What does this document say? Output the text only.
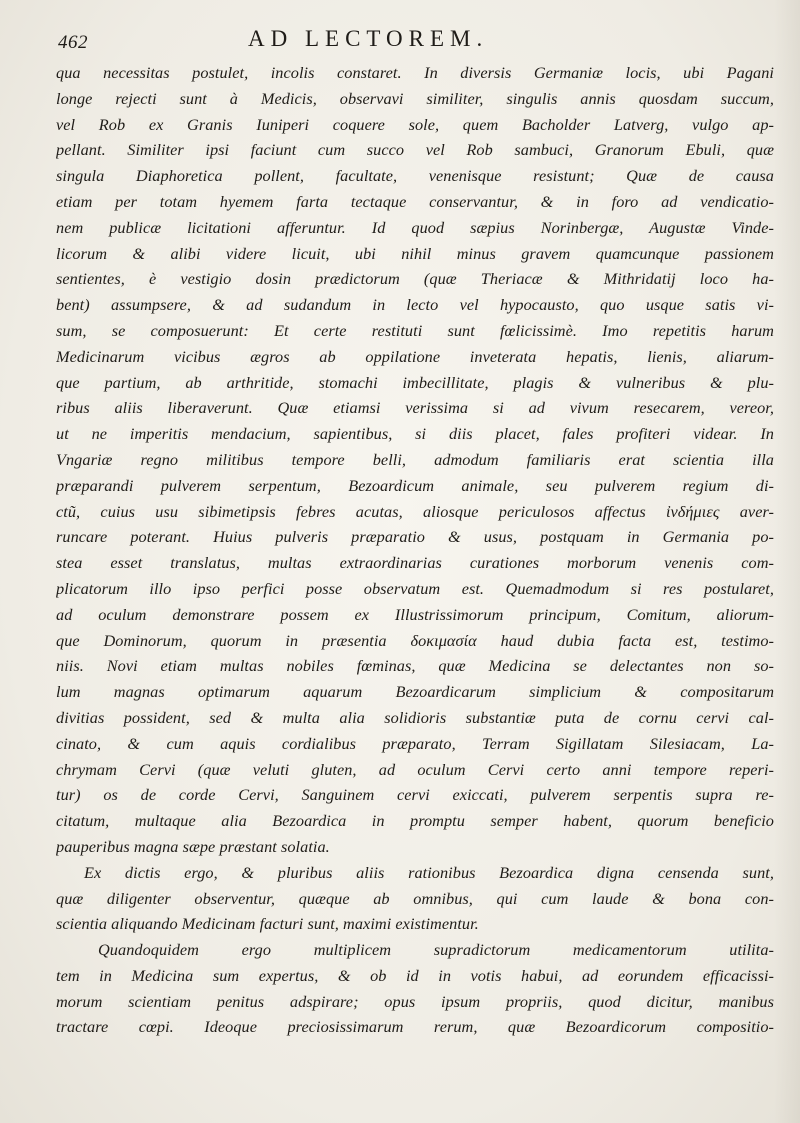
462	AD LECTOREM.
qua necessitas postulet, incolis constaret. In diversis Germaniæ locis, ubi Pagani
longe rejecti sunt à Medicis, observavi similiter, singulis annis quosdam succum,
vel Rob ex Granis Iuniperi coquere sole, quem Bacholder Latverg, vulgo ap-
pellant. Similiter ipsi faciunt cum succo vel Rob sambuci, Granorum Ebuli, quæ
singula Diaphoretica pollent, facultate, venenisque resistunt; Quæ de causa
etiam per totam hyemem farta tectaque conservantur, & in foro ad vendicatio-
nem publicæ licitationi afferuntur. Id quod sæpius Norinbergæ, Augustæ Vinde-
licorum & alibi videre licuit, ubi nihil minus gravem quamcunque passionem
sentientes, è vestigio dosin prædictorum (quæ Theriacæ & Mithridatij loco ha-
bent) assumpsere, & ad sudandum in lecto vel hypocausto, quo usque satis vi-
sum, se composuerunt: Et certe restituti sunt fœlicissimè. Imo repetitis harum
Medicinarum vicibus ægros ab oppilatione inveterata hepatis, lienis, aliarum-
que partium, ab arthritide, stomachi imbecillitate, plagis & vulneribus & plu-
ribus aliis liberaverunt. Quæ etiamsi verissima si ad vivum resecarem, vereor,
ut ne imperitis mendacium, sapientibus, si diis placet, fales profiteri videar. In
Vngariæ regno militibus tempore belli, admodum familiaris erat scientia illa
præparandi pulverem serpentum, Bezoardicum animale, seu pulverem regium di-
ctũ, cuius usu sibimetipsis febres acutas, aliosque periculosos affectus ἰνδήμιες aver-
runcare poterant. Huius pulveris præparatio & usus, postquam in Germania po-
stea esset translatus, multas extraordinarias curationes morborum venenis com-
plicatorum illo ipso perfici posse observatum est. Quemadmodum si res postularet,
ad oculum demonstrare possem ex Illustrissimorum principum, Comitum, aliorum-
que Dominorum, quorum in præsentia δοκιμασία haud dubia facta est, testimo-
niis. Novi etiam multas nobiles fœminas, quæ Medicina se delectantes non so-
lum magnas optimarum aquarum Bezoardicarum simplicium & compositarum
divitias possident, sed & multa alia solidioris substantiæ puta de cornu cervi cal-
cinato, & cum aquis cordialibus præparato, Terram Sigillatam Silesiacam, La-
chrymam Cervi (quæ veluti gluten, ad oculum Cervi certo anni tempore reperi-
tur) os de corde Cervi, Sanguinem cervi exiccati, pulverem serpentis supra re-
citatum, multaque alia Bezoardica in promptu semper habent, quorum beneficio
pauperibus magna sæpe præstant solatia.
Ex dictis ergo, & pluribus aliis rationibus Bezoardica digna censenda sunt,
quæ diligenter observentur, quæque ab omnibus, qui cum laude & bona con-
scientia aliquando Medicinam facturi sunt, maximi existimentur.
Quandoquidem ergo multiplicem supradictorum medicamentorum utilita-
tem in Medicina sum expertus, & ob id in votis habui, ad eorundem efficacissi-
morum scientiam penitus adspirare; opus ipsum propriis, quod dicitur, manibus
tractare cœpi. Ideoque preciosissimarum rerum, quæ Bezoardicorum compositio-
